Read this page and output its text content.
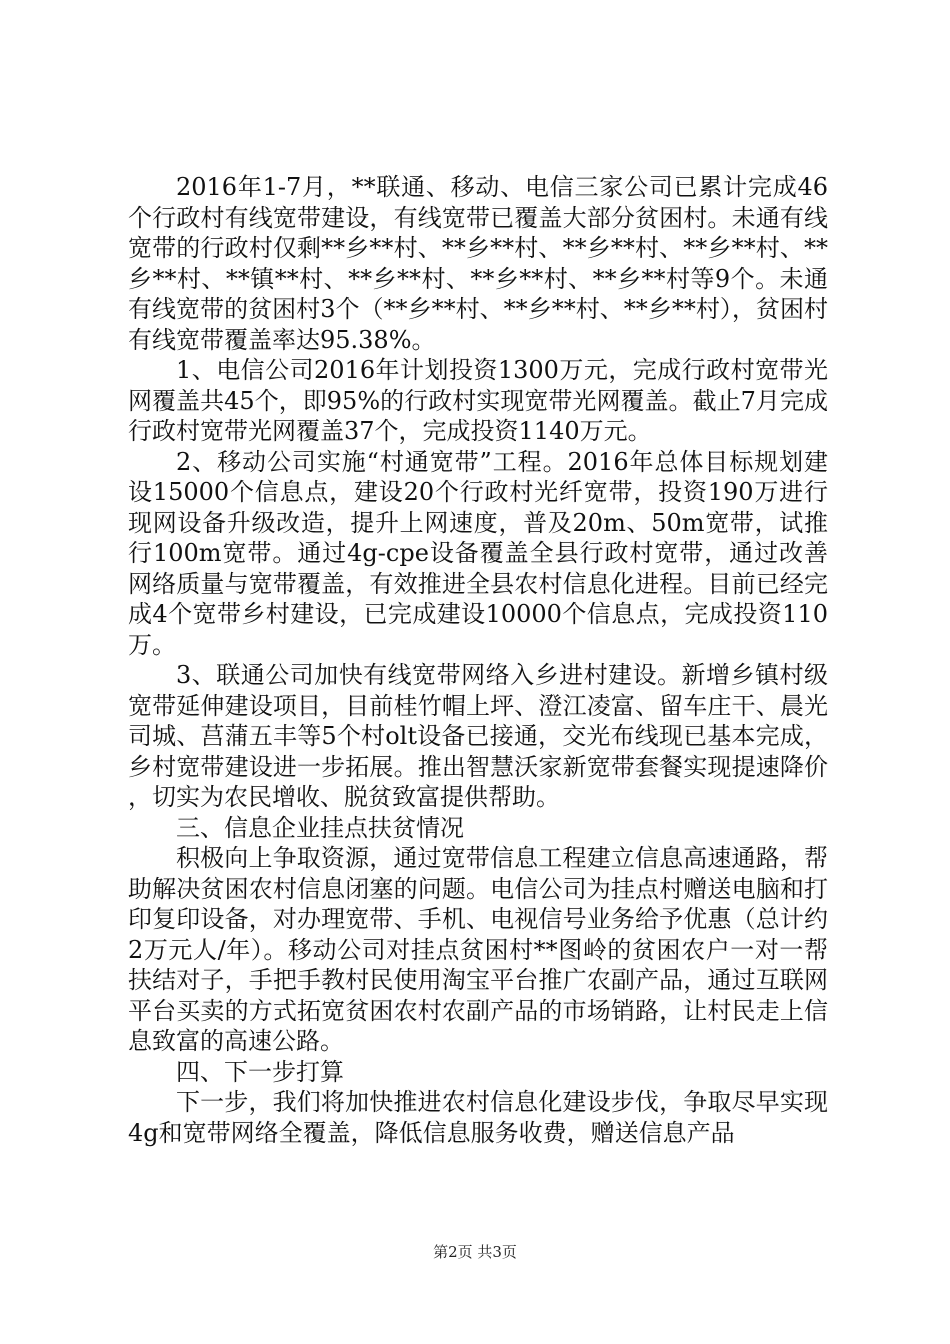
2016年1-7月，**联通、移动、电信三家公司已累计完成46个行政村有线宽带建设，有线宽带已覆盖大部分贫困村。未通有线宽带的行政村仅剩**乡**村、**乡**村、**乡**村、**乡**村、**乡**村、**镇**村、**乡**村、**乡**村、**乡**村等9个。未通有线宽带的贫困村3个（**乡**村、**乡**村、**乡**村），贫困村有线宽带覆盖率达95.38%。

1、电信公司2016年计划投资1300万元，完成行政村宽带光网覆盖共45个，即95%的行政村实现宽带光网覆盖。截止7月完成行政村宽带光网覆盖37个，完成投资1140万元。

2、移动公司实施“村通宽带”工程。2016年总体目标规划建设15000个信息点，建设20个行政村光纤宽带，投资190万进行现网设备升级改造，提升上网速度，普及20m、50m宽带，试推行100m宽带。通过4g-cpe设备覆盖全县行政村宽带，通过改善网络质量与宽带覆盖，有效推进全县农村信息化进程。目前已经完成4个宽带乡村建设，已完成建设10000个信息点，完成投资110万。

3、联通公司加快有线宽带网络入乡进村建设。新增乡镇村级宽带延伸建设项目，目前桂竹帽上坪、澄江凌富、留车庄干、晨光司城、莒蒲五丰等5个村olt设备已接通，交光布线现已基本完成，乡村宽带建设进一步拓展。推出智慧沃家新宽带套餐实现提速降价，切实为农民增收、脱贫致富提供帮助。

三、信息企业挂点扶贫情况

积极向上争取资源，通过宽带信息工程建立信息高速通路，帮助解决贫困农村信息闭塞的问题。电信公司为挂点村赠送电脑和打印复印设备，对办理宽带、手机、电视信号业务给予优惠（总计约2万元人/年）。移动公司对挂点贫困村**图岭的贫困农户一对一帮扶结对子，手把手教村民使用淘宝平台推广农副产品，通过互联网平台买卖的方式拓宽贫困农村农副产品的市场销路，让村民走上信息致富的高速公路。

四、下一步打算

下一步，我们将加快推进农村信息化建设步伐，争取尽早实现4g和宽带网络全覆盖，降低信息服务收费，赠送信息产品

第2页 共3页
